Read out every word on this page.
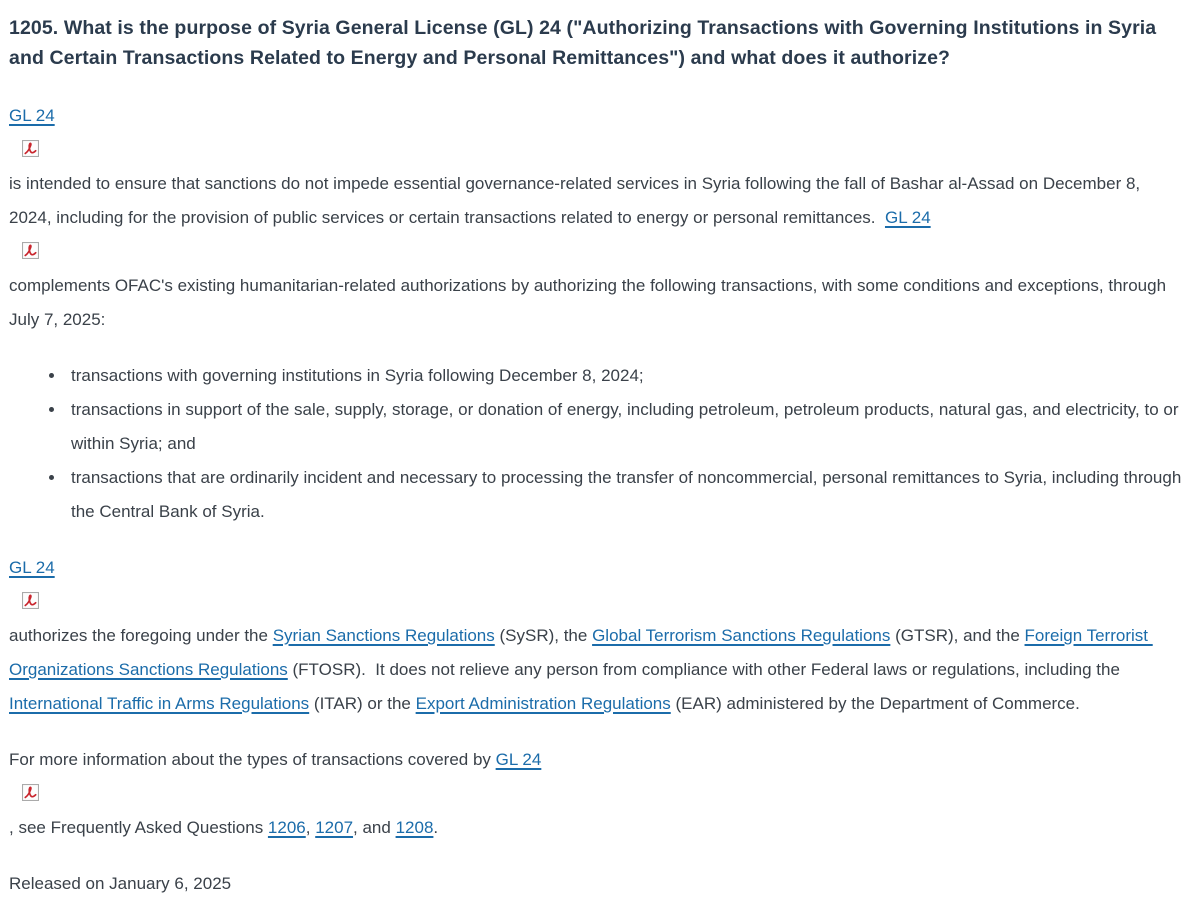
1205. What is the purpose of Syria General License (GL) 24 ("Authorizing Transactions with Governing Institutions in Syria and Certain Transactions Related to Energy and Personal Remittances") and what does it authorize?

GL 24

is intended to ensure that sanctions do not impede essential governance-related services in Syria following the fall of Bashar al-Assad on December 8, 2024, including for the provision of public services or certain transactions related to energy or personal remittances.  GL 24

complements OFAC's existing humanitarian-related authorizations by authorizing the following transactions, with some conditions and exceptions, through July 7, 2025:

• transactions with governing institutions in Syria following December 8, 2024;
• transactions in support of the sale, supply, storage, or donation of energy, including petroleum, petroleum products, natural gas, and electricity, to or within Syria; and
• transactions that are ordinarily incident and necessary to processing the transfer of noncommercial, personal remittances to Syria, including through the Central Bank of Syria.

GL 24

authorizes the foregoing under the Syrian Sanctions Regulations (SySR), the Global Terrorism Sanctions Regulations (GTSR), and the Foreign Terrorist Organizations Sanctions Regulations (FTOSR).  It does not relieve any person from compliance with other Federal laws or regulations, including the International Traffic in Arms Regulations (ITAR) or the Export Administration Regulations (EAR) administered by the Department of Commerce.

For more information about the types of transactions covered by GL 24

, see Frequently Asked Questions 1206, 1207, and 1208.

Released on January 6, 2025
